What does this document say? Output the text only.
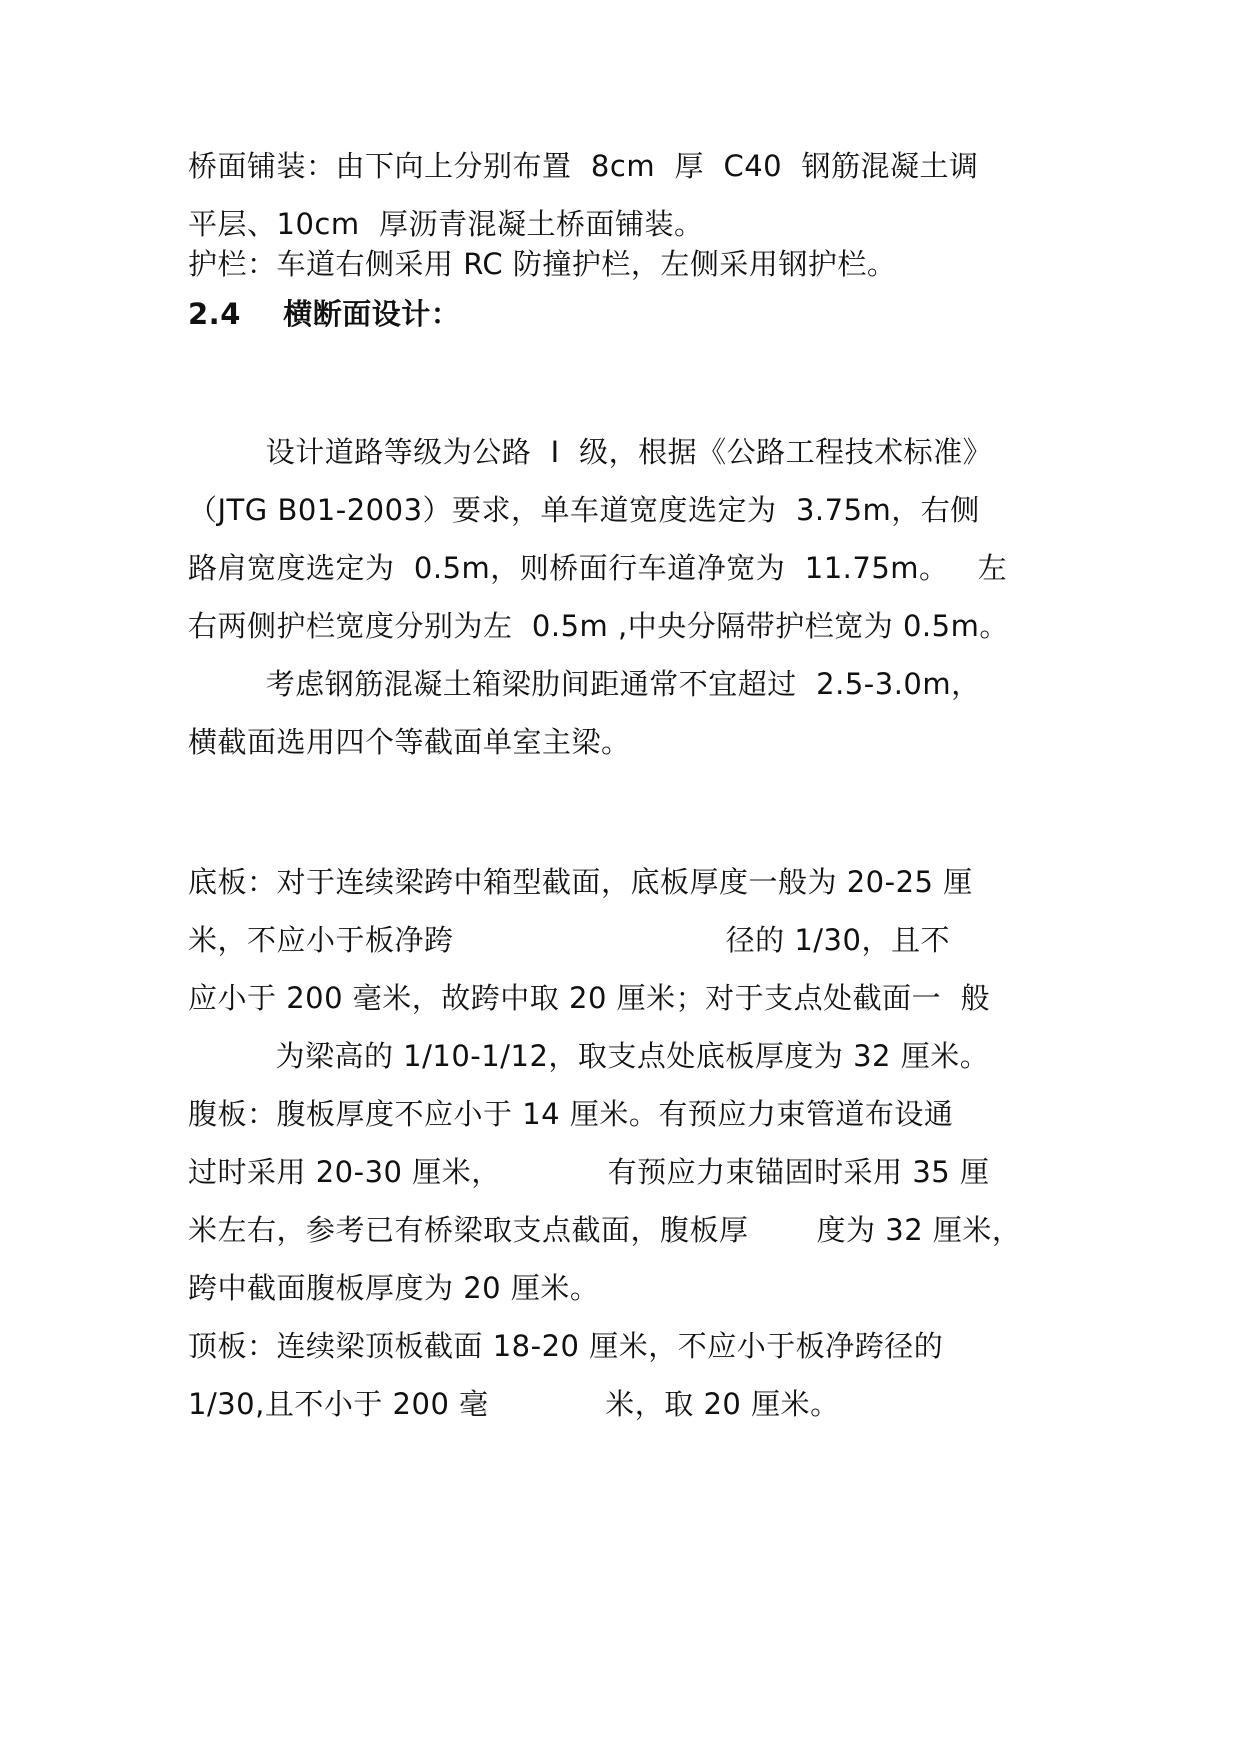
桥面铺装：由下向上分别布置  8cm  厚  C40  钢筋混凝土调
平层、10cm  厚沥青混凝土桥面铺装。
护栏：车道右侧采用 RC 防撞护栏，左侧采用钢护栏。
2.4    横断面设计：
设计道路等级为公路  Ⅰ  级，根据《公路工程技术标准》
（JTG B01-2003）要求，单车道宽度选定为  3.75m，右侧
路肩宽度选定为  0.5m，则桥面行车道净宽为  11.75m。   左
右两侧护栏宽度分别为左  0.5m ,中央分隔带护栏宽为 0.5m。
考虑钢筋混凝土箱梁肋间距通常不宜超过  2.5-3.0m，
横截面选用四个等截面单室主梁。
底板：对于连续梁跨中箱型截面，底板厚度一般为 20-25 厘
米，不应小于板净跨                            径的 1/30，且不
应小于 200 毫米，故跨中取 20 厘米；对于支点处截面一  般
为梁高的 1/10-1/12，取支点处底板厚度为 32 厘米。
腹板：腹板厚度不应小于 14 厘米。有预应力束管道布设通
过时采用 20-30 厘米，           有预应力束锚固时采用 35 厘
米左右，参考已有桥梁取支点截面，腹板厚       度为 32 厘米，
跨中截面腹板厚度为 20 厘米。
顶板：连续梁顶板截面 18-20 厘米，不应小于板净跨径的
1/30,且不小于 200 毫            米，取 20 厘米。
